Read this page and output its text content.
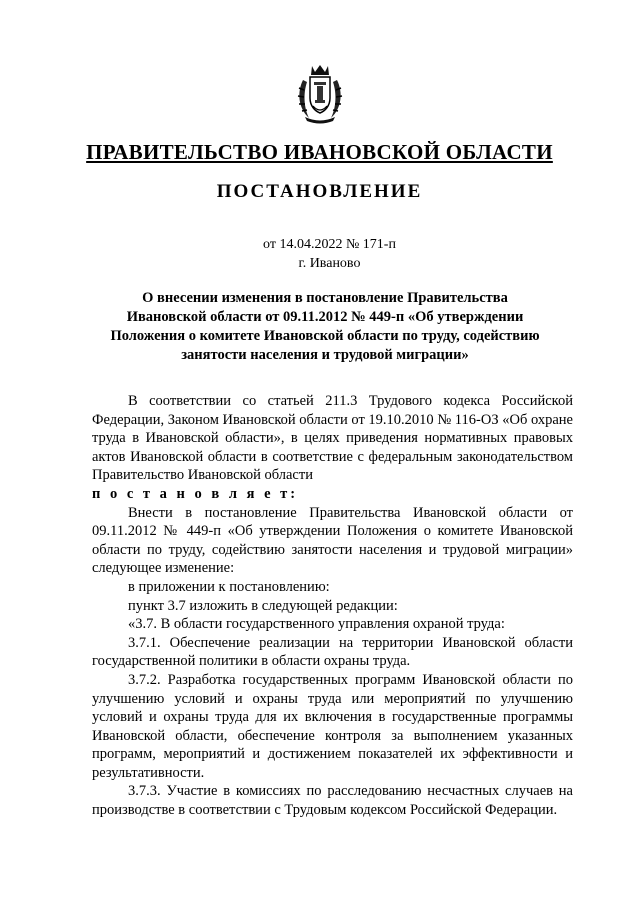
ПРАВИТЕЛЬСТВО ИВАНОВСКОЙ ОБЛАСТИ
ПОСТАНОВЛЕНИЕ
от 14.04.2022 № 171-п
г. Иваново
О внесении изменения в постановление Правительства Ивановской области от 09.11.2012 № 449-п «Об утверждении Положения о комитете Ивановской области по труду, содействию занятости населения и трудовой миграции»

В соответствии со статьей 211.3 Трудового кодекса Российской Федерации, Законом Ивановской области от 19.10.2010 № 116-ОЗ «Об охране труда в Ивановской области», в целях приведения нормативных правовых актов Ивановской области в соответствие с федеральным законодательством Правительство Ивановской области

п о с т а н о в л я е т:

Внести в постановление Правительства Ивановской области от 09.11.2012 № 449-п «Об утверждении Положения о комитете Ивановской области по труду, содействию занятости населения и трудовой миграции» следующее изменение:

в приложении к постановлению:

пункт 3.7 изложить в следующей редакции:

«3.7. В области государственного управления охраной труда:

3.7.1. Обеспечение реализации на территории Ивановской области государственной политики в области охраны труда.

3.7.2. Разработка государственных программ Ивановской области по улучшению условий и охраны труда или мероприятий по улучшению условий и охраны труда для их включения в государственные программы Ивановской области, обеспечение контроля за выполнением указанных программ, мероприятий и достижением показателей их эффективности и результативности.

3.7.3. Участие в комиссиях по расследованию несчастных случаев на производстве в соответствии с Трудовым кодексом Российской Федерации.
